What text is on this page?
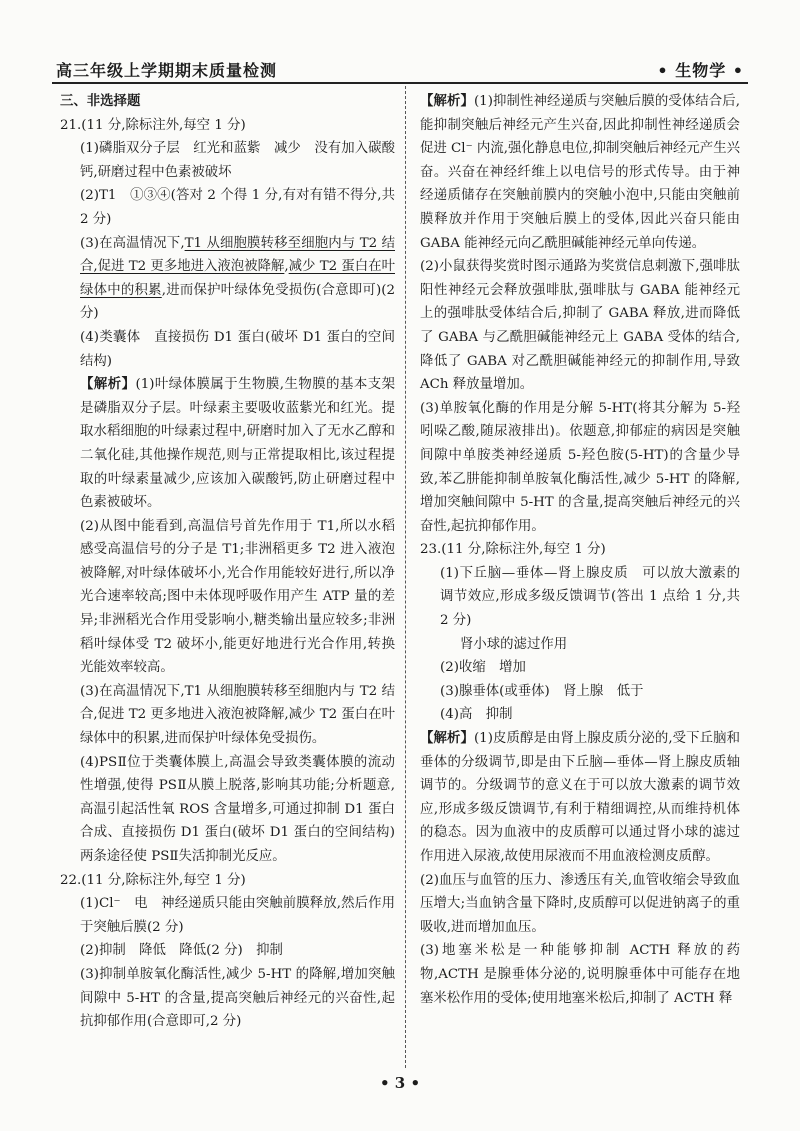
高三年级上学期期末质量检测	• 生物学 •

三、非选择题

21.(11 分,除标注外,每空 1 分)

(1)磷脂双分子层　红光和蓝紫　减少　没有加入碳酸钙,研磨过程中色素被破坏

(2)T1　①③④(答对 2 个得 1 分,有对有错不得分,共 2 分)

(3)在高温情况下,T1 从细胞膜转移至细胞内与 T2 结合,促进 T2 更多地进入液泡被降解,减少 T2 蛋白在叶绿体中的积累,进而保护叶绿体免受损伤(合意即可)(2 分)

(4)类囊体　直接损伤 D1 蛋白(破坏 D1 蛋白的空间结构)

【解析】(1)叶绿体膜属于生物膜,生物膜的基本支架是磷脂双分子层。叶绿素主要吸收蓝紫光和红光。提取水稻细胞的叶绿素过程中,研磨时加入了无水乙醇和二氧化硅,其他操作规范,则与正常提取相比,该过程提取的叶绿素量减少,应该加入碳酸钙,防止研磨过程中色素被破坏。

(2)从图中能看到,高温信号首先作用于 T1,所以水稻感受高温信号的分子是 T1;非洲稻更多 T2 进入液泡被降解,对叶绿体破坏小,光合作用能较好进行,所以净光合速率较高;图中未体现呼吸作用产生 ATP 量的差异;非洲稻光合作用受影响小,糖类输出量应较多;非洲稻叶绿体受 T2 破坏小,能更好地进行光合作用,转换光能效率较高。

(3)在高温情况下,T1 从细胞膜转移至细胞内与 T2 结合,促进 T2 更多地进入液泡被降解,减少 T2 蛋白在叶绿体中的积累,进而保护叶绿体免受损伤。

(4)PSⅡ位于类囊体膜上,高温会导致类囊体膜的流动性增强,使得 PSⅡ从膜上脱落,影响其功能;分析题意,高温引起活性氧 ROS 含量增多,可通过抑制 D1 蛋白合成、直接损伤 D1 蛋白(破坏 D1 蛋白的空间结构)两条途径使 PSⅡ失活抑制光反应。

22.(11 分,除标注外,每空 1 分)

(1)Cl⁻　电　神经递质只能由突触前膜释放,然后作用于突触后膜(2 分)

(2)抑制　降低　降低(2 分)　抑制

(3)抑制单胺氧化酶活性,减少 5-HT 的降解,增加突触间隙中 5-HT 的含量,提高突触后神经元的兴奋性,起抗抑郁作用(合意即可,2 分)

【解析】(1)抑制性神经递质与突触后膜的受体结合后,能抑制突触后神经元产生兴奋,因此抑制性神经递质会促进 Cl⁻ 内流,强化静息电位,抑制突触后神经元产生兴奋。兴奋在神经纤维上以电信号的形式传导。由于神经递质储存在突触前膜内的突触小泡中,只能由突触前膜释放并作用于突触后膜上的受体,因此兴奋只能由 GABA 能神经元向乙酰胆碱能神经元单向传递。

(2)小鼠获得奖赏时图示通路为奖赏信息刺激下,强啡肽阳性神经元会释放强啡肽,强啡肽与 GABA 能神经元上的强啡肽受体结合后,抑制了 GABA 释放,进而降低了 GABA 与乙酰胆碱能神经元上 GABA 受体的结合,降低了 GABA 对乙酰胆碱能神经元的抑制作用,导致 ACh 释放量增加。

(3)单胺氧化酶的作用是分解 5-HT(将其分解为 5-羟吲哚乙酸,随尿液排出)。依题意,抑郁症的病因是突触间隙中单胺类神经递质 5-羟色胺(5-HT)的含量少导致,苯乙肼能抑制单胺氧化酶活性,减少 5-HT 的降解,增加突触间隙中 5-HT 的含量,提高突触后神经元的兴奋性,起抗抑郁作用。

23.(11 分,除标注外,每空 1 分)

(1)下丘脑—垂体—肾上腺皮质　可以放大激素的调节效应,形成多级反馈调节(答出 1 点给 1 分,共 2 分)

肾小球的滤过作用

(2)收缩　增加

(3)腺垂体(或垂体)　肾上腺　低于

(4)高　抑制

【解析】(1)皮质醇是由肾上腺皮质分泌的,受下丘脑和垂体的分级调节,即是由下丘脑—垂体—肾上腺皮质轴调节的。分级调节的意义在于可以放大激素的调节效应,形成多级反馈调节,有利于精细调控,从而维持机体的稳态。因为血液中的皮质醇可以通过肾小球的滤过作用进入尿液,故使用尿液而不用血液检测皮质醇。

(2)血压与血管的压力、渗透压有关,血管收缩会导致血压增大;当血钠含量下降时,皮质醇可以促进钠离子的重吸收,进而增加血压。

(3)地塞米松是一种能够抑制 ACTH 释放的药物,ACTH 是腺垂体分泌的,说明腺垂体中可能存在地塞米松作用的受体;使用地塞米松后,抑制了 ACTH 释

• 3 •
